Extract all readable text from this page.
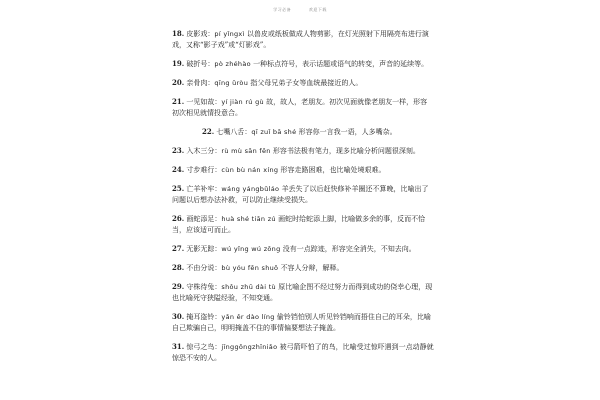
学习必备	欢迎下载
18. 皮影戏：pí yǐngxì 以兽皮或纸板做成人物剪影，在灯光照射下用隔亮布进行演戏，又称“影子戏”或“灯影戏”。
19. 破折号：pò zhéhào 一种标点符号，表示话题或语气的转变，声音的延续等。
20. 亲骨肉：qīng ǔròu 指父母兄弟子女等血统最接近的人。
21. 一见如故：yí jiàn rú gù 故，故人，老朋友。初次见面就像老朋友一样，形容初次相见就情投意合。
22. 七嘴八舌：qī zuǐ bā shé 形容你一言我一语，人多嘴杂。
23. 入木三分：rù mù sān fēn 形容书法极有笔力，现多比喻分析问题很深刻。
24. 寸步难行：cùn bù nán xíng 形容走路困难，也比喻处境艰难。
25. 亡羊补牢：wáng yángbǔláo 羊丢失了以后赶快修补羊圈还不算晚，比喻出了问题以后想办法补救，可以防止继续受损失。
26. 画蛇添足：huà shé tiān zú 画蛇时给蛇添上脚，比喻做多余的事，反而不恰当，应该适可而止。
27. 无影无踪：wú yǐng wú zōng 没有一点踪迹，形容完全消失，不知去向。
28. 不由分说：bù yóu fēn shuō 不容人分辩，解释。
29. 守株待兔：shǒu zhū dài tù 原比喻企图不经过努力而得到成功的侥幸心理，现也比喻死守狭隘经验，不知变通。
30. 掩耳盗铃：yǎn ěr dào líng 偷铃铛怕别人听见铃铛响而捂住自己的耳朵，比喻自己欺骗自己，明明掩盖不住的事情偏要想法子掩盖。
31. 惊弓之鸟：jīnggōngzhīniǎo 被弓箭吓怕了的鸟，比喻受过惊吓遇到一点动静就惊恐不安的人。
